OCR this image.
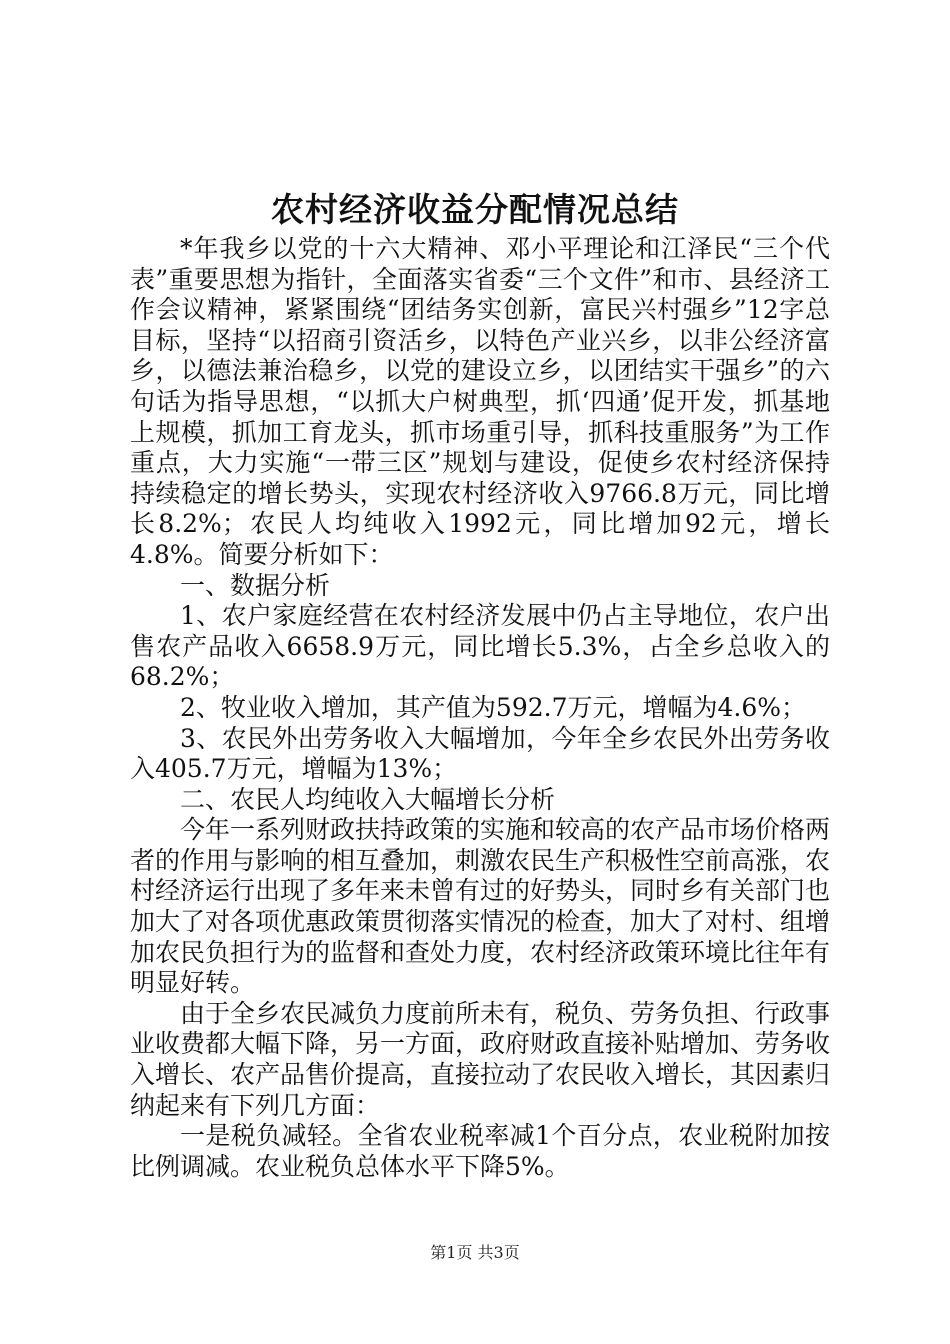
农村经济收益分配情况总结

*年我乡以党的十六大精神、邓小平理论和江泽民“三个代表”重要思想为指针，全面落实省委“三个文件”和市、县经济工作会议精神，紧紧围绕“团结务实创新，富民兴村强乡”12字总目标，坚持“以招商引资活乡，以特色产业兴乡，以非公经济富乡，以德法兼治稳乡，以党的建设立乡，以团结实干强乡”的六句话为指导思想，“以抓大户树典型，抓‘四通’促开发，抓基地上规模，抓加工育龙头，抓市场重引导，抓科技重服务”为工作重点，大力实施“一带三区”规划与建设，促使乡农村经济保持持续稳定的增长势头，实现农村经济收入9766.8万元，同比增长8.2%；农民人均纯收入1992元，同比增加92元，增长4.8%。简要分析如下：

一、数据分析

1、农户家庭经营在农村经济发展中仍占主导地位，农户出售农产品收入6658.9万元，同比增长5.3%，占全乡总收入的68.2%；

2、牧业收入增加，其产值为592.7万元，增幅为4.6%；

3、农民外出劳务收入大幅增加，今年全乡农民外出劳务收入405.7万元，增幅为13%；

二、农民人均纯收入大幅增长分析

今年一系列财政扶持政策的实施和较高的农产品市场价格两者的作用与影响的相互叠加，刺激农民生产积极性空前高涨，农村经济运行出现了多年来未曾有过的好势头，同时乡有关部门也加大了对各项优惠政策贯彻落实情况的检查，加大了对村、组增加农民负担行为的监督和查处力度，农村经济政策环境比往年有明显好转。

由于全乡农民减负力度前所未有，税负、劳务负担、行政事业收费都大幅下降，另一方面，政府财政直接补贴增加、劳务收入增长、农产品售价提高，直接拉动了农民收入增长，其因素归纳起来有下列几方面：

一是税负减轻。全省农业税率减1个百分点，农业税附加按比例调减。农业税负总体水平下降5%。

第1页 共3页
